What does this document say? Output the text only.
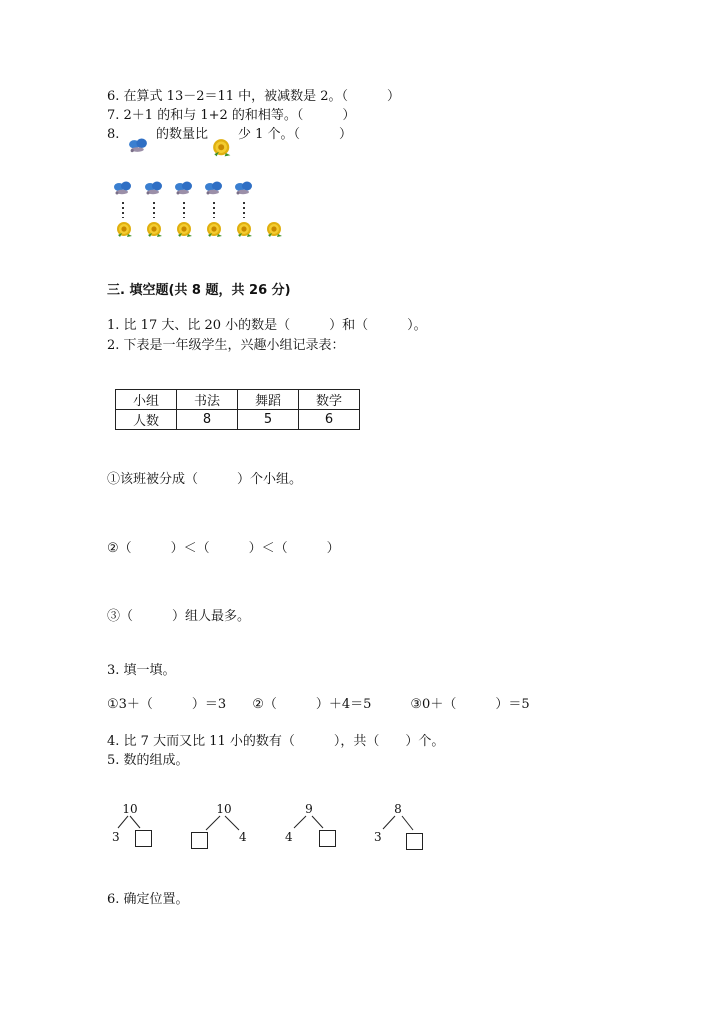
6. 在算式 13－2＝11 中，被减数是 2。（　　　）
7. 2＋1 的和与 1+2 的和相等。（　　　）
8.	的数量比 少 1 个。（　　　）
三. 填空题(共 8 题，共 26 分)
1. 比 17 大、比 20 小的数是（　　　）和（　　　）。
2. 下表是一年级学生，兴趣小组记录表：
小组	书法	舞蹈	数学
人数	8	5	6
①该班被分成（　　　）个小组。
②（　　　）＜（　　　）＜（　　　）
③（　　　）组人最多。
3. 填一填。
①3＋（　　　）＝3　　②（　　　）＋4＝5　　　③0＋（　　　）＝5
4. 比 7 大而又比 11 小的数有（　　　），共（　　）个。
5. 数的组成。
10
3
10
4
9
4
8
3
6. 确定位置。
